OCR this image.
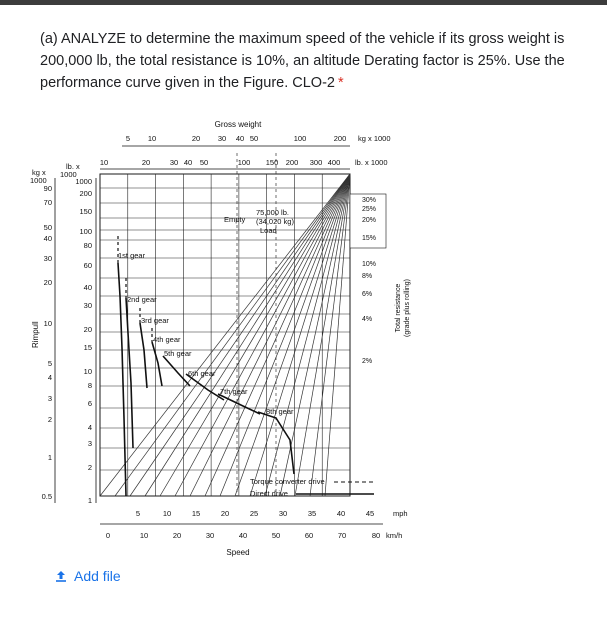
(a) ANALYZE to determine the maximum speed of the vehicle if its gross weight is 200,000 lb, the total resistance is 10%, an altitude Derating factor is 25%. Use the performance curve given in the Figure. CLO-2 *

Gross weight
5 10	20 30 40 50	100	200 kg x 1000
10	20	30 40 50	100 150 200 300 400 lb. x 1000
kg x 1000
lb. x 1000
90
70
50
40
30
20
10
5
4
3
2
1
0.5
1000
200
150
100
80
60
40
30
20
15
10
8
6
4
3
2
1
Rimpull
30%
25%
20%
15%
10%
8%
6%
4%
2%
Total resistance (grade plus rolling)
5	10	15	20	25	30	35	40	45	mph
0	10	20	30	40	50	60	70	80 km/h
Speed
1st gear
2nd gear
3rd gear
4th gear
5th gear
6th gear
7th gear
8th gear
Empty
75,000 lb.
(34,020 kg)
Load
Torque converter drive
Direct drive
Add file
